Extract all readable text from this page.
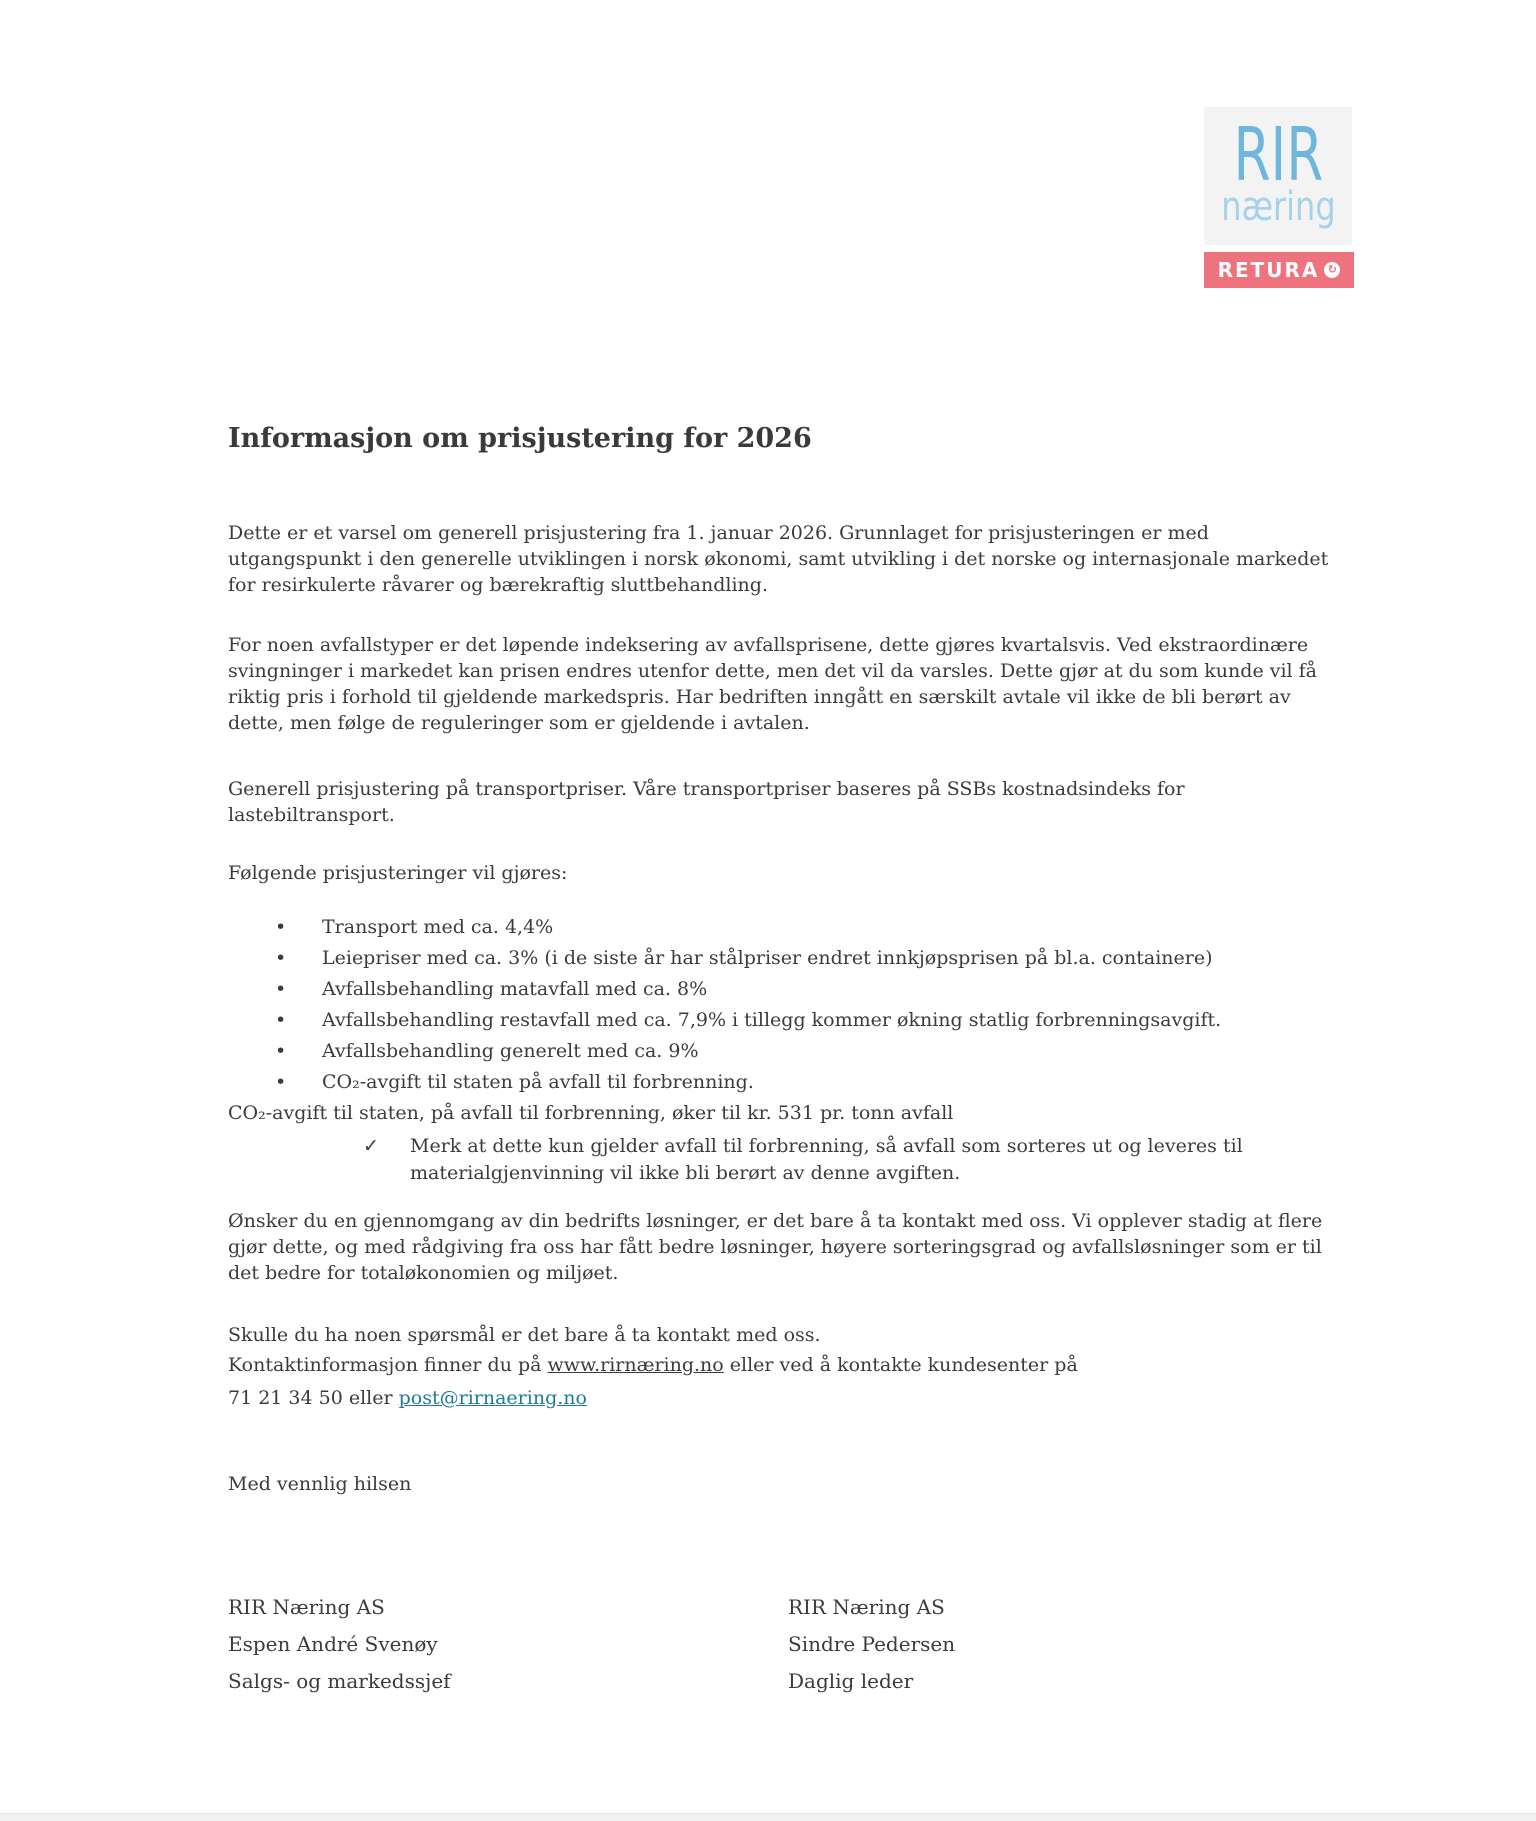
RIR
næring
RETURA ↻
Informasjon om prisjustering for 2026
Dette er et varsel om generell prisjustering fra 1. januar 2026. Grunnlaget for prisjusteringen er med utgangspunkt i den generelle utviklingen i norsk økonomi, samt utvikling i det norske og internasjonale markedet for resirkulerte råvarer og bærekraftig sluttbehandling.
For noen avfallstyper er det løpende indeksering av avfallsprisene, dette gjøres kvartalsvis. Ved ekstraordinære svingninger i markedet kan prisen endres utenfor dette, men det vil da varsles. Dette gjør at du som kunde vil få riktig pris i forhold til gjeldende markedspris. Har bedriften inngått en særskilt avtale vil ikke de bli berørt av dette, men følge de reguleringer som er gjeldende i avtalen.
Generell prisjustering på transportpriser. Våre transportpriser baseres på SSBs kostnadsindeks for lastebiltransport.
Følgende prisjusteringer vil gjøres:
• Transport med ca. 4,4%
• Leiepriser med ca. 3% (i de siste år har stålpriser endret innkjøpsprisen på bl.a. containere)
• Avfallsbehandling matavfall med ca. 8%
• Avfallsbehandling restavfall med ca. 7,9% i tillegg kommer økning statlig forbrenningsavgift.
• Avfallsbehandling generelt med ca. 9%
• CO₂-avgift til staten på avfall til forbrenning.
CO₂-avgift til staten, på avfall til forbrenning, øker til kr. 531 pr. tonn avfall
✓ Merk at dette kun gjelder avfall til forbrenning, så avfall som sorteres ut og leveres til materialgjenvinning vil ikke bli berørt av denne avgiften.
Ønsker du en gjennomgang av din bedrifts løsninger, er det bare å ta kontakt med oss. Vi opplever stadig at flere gjør dette, og med rådgiving fra oss har fått bedre løsninger, høyere sorteringsgrad og avfallsløsninger som er til det bedre for totaløkonomien og miljøet.
Skulle du ha noen spørsmål er det bare å ta kontakt med oss.
Kontaktinformasjon finner du på www.rirnæring.no eller ved å kontakte kundesenter på
71 21 34 50 eller post@rirnaering.no
Med vennlig hilsen
RIR Næring AS
Espen André Svenøy
Salgs- og markedssjef
RIR Næring AS
Sindre Pedersen
Daglig leder
